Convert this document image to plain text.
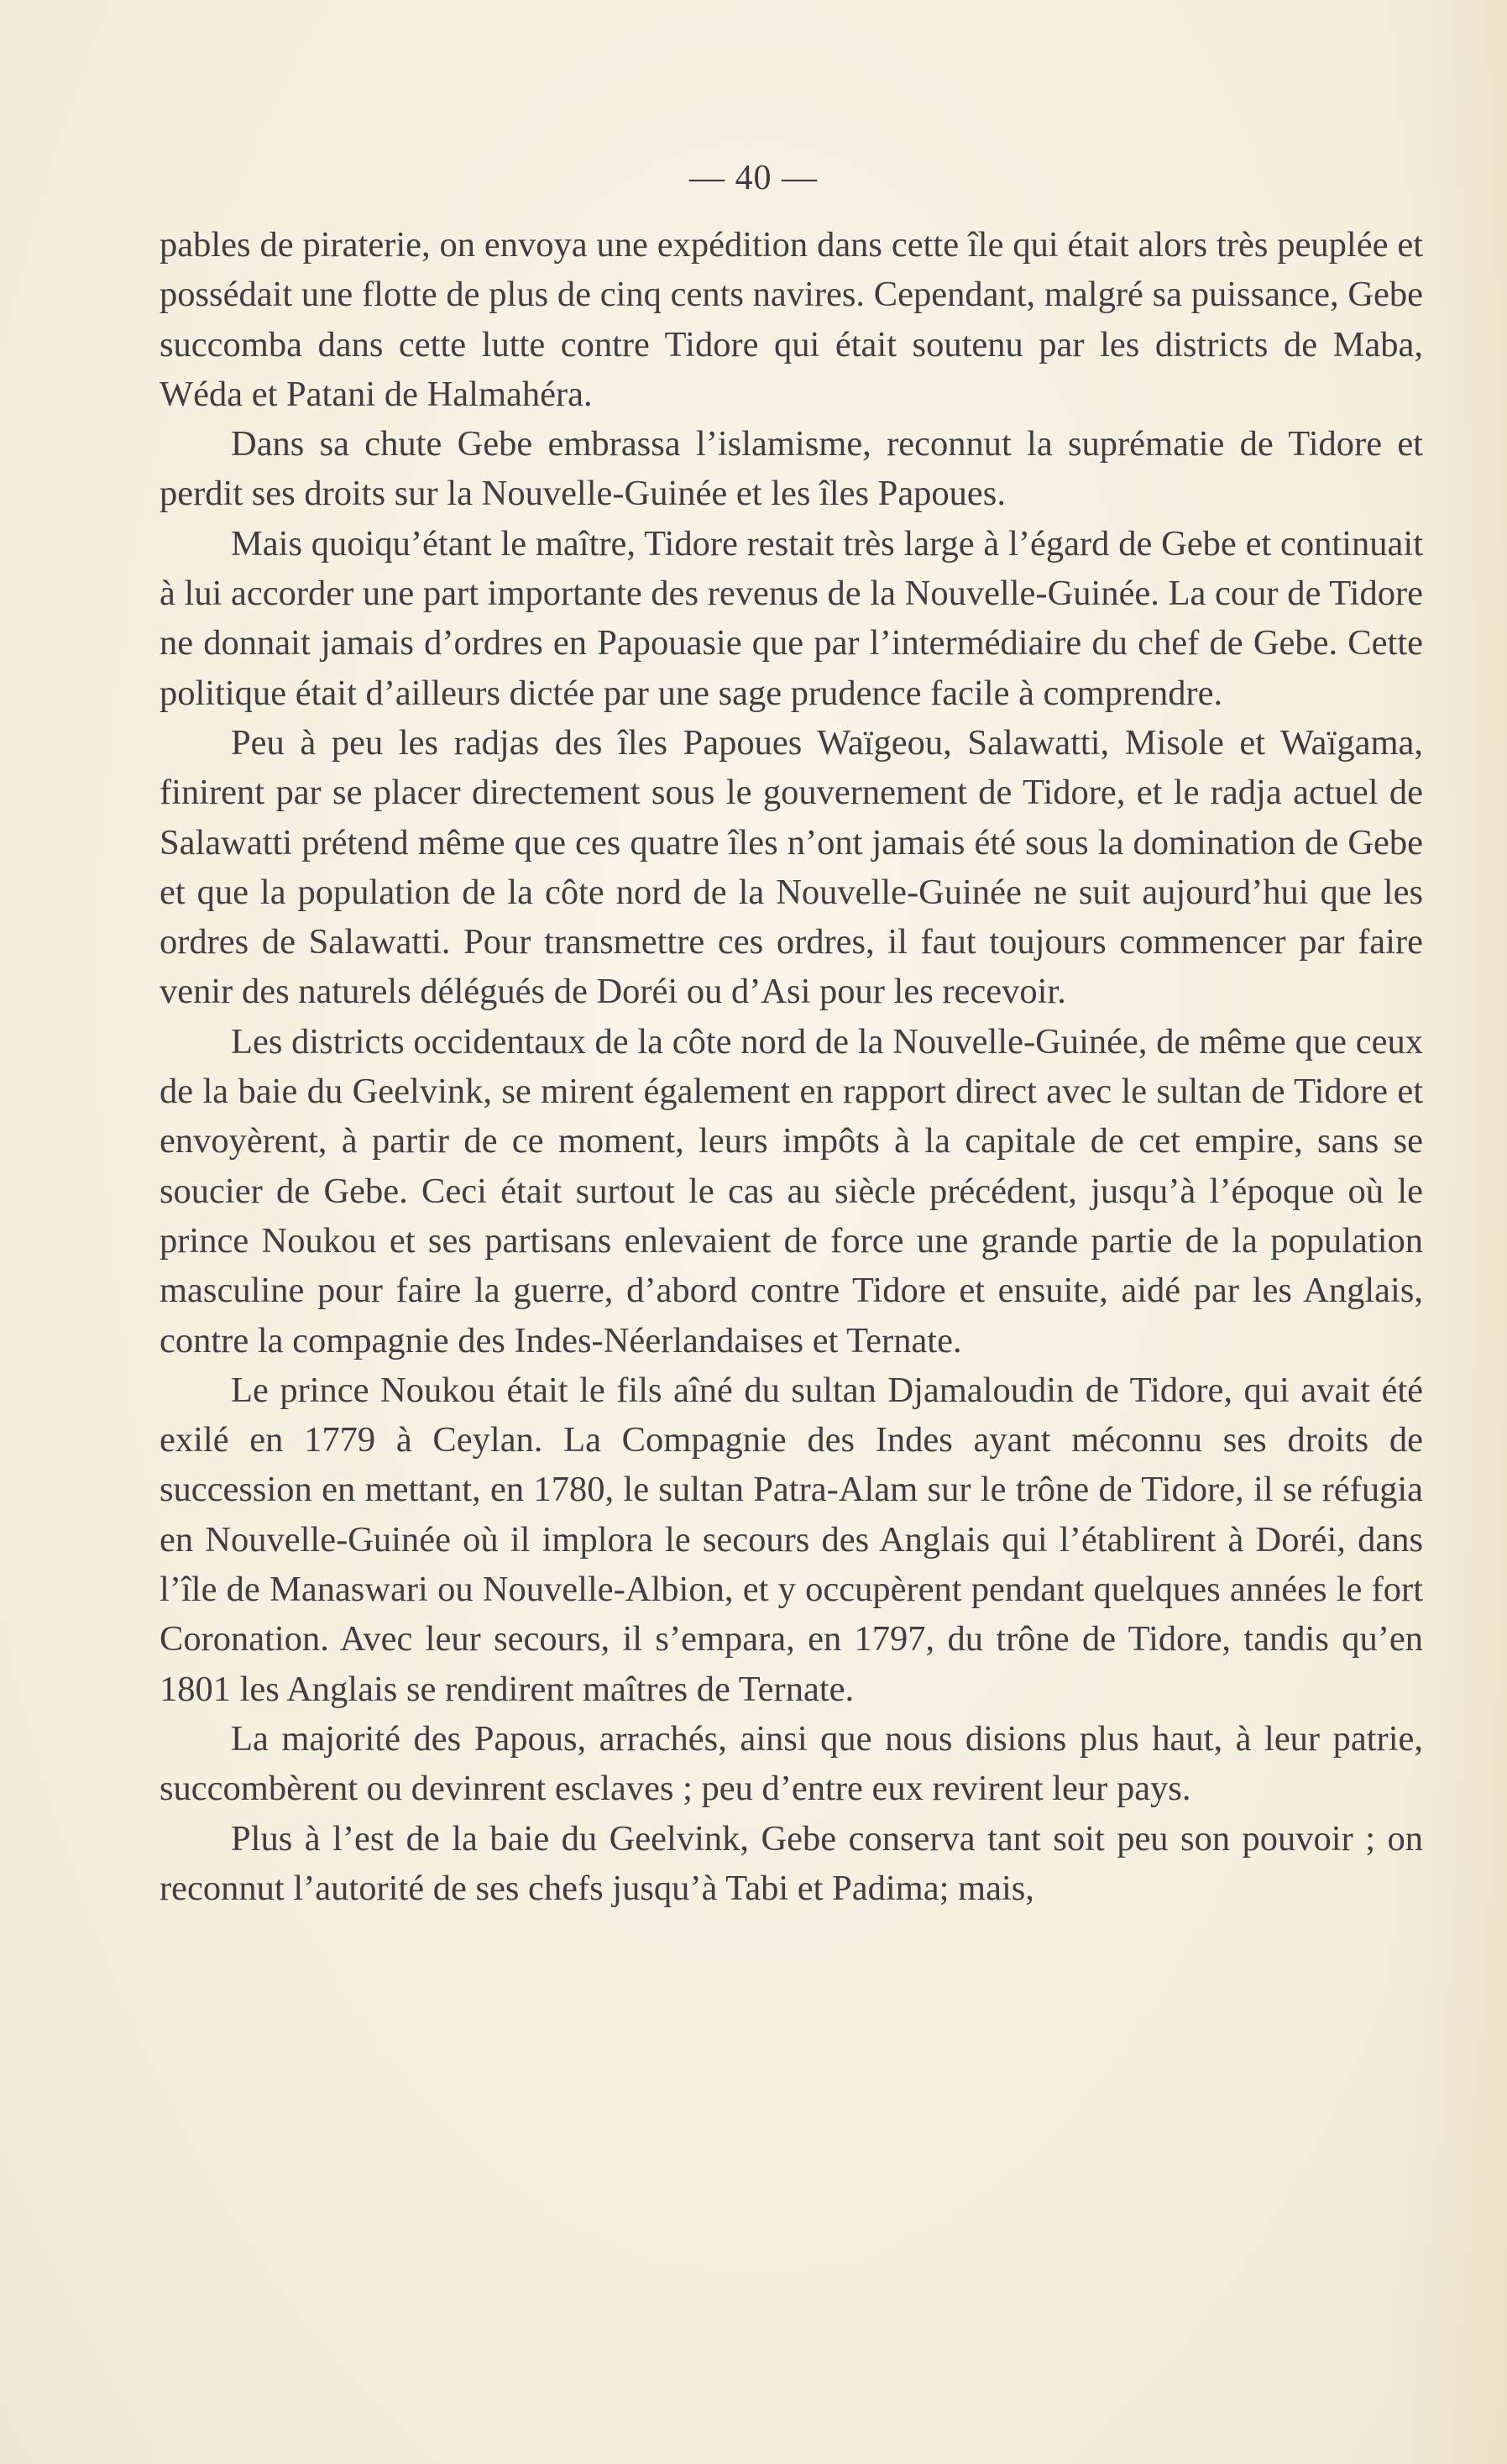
— 40 —

pables de piraterie, on envoya une expédition dans cette île qui était alors très peuplée et possédait une flotte de plus de cinq cents navires. Cependant, malgré sa puissance, Gebe succomba dans cette lutte contre Tidore qui était soutenu par les districts de Maba, Wéda et Patani de Halmahéra.

Dans sa chute Gebe embrassa l’islamisme, reconnut la suprématie de Tidore et perdit ses droits sur la Nouvelle-Guinée et les îles Papoues.

Mais quoiqu’étant le maître, Tidore restait très large à l’égard de Gebe et continuait à lui accorder une part importante des revenus de la Nouvelle-Guinée. La cour de Tidore ne donnait jamais d’ordres en Papouasie que par l’intermédiaire du chef de Gebe. Cette politique était d’ailleurs dictée par une sage prudence facile à comprendre.

Peu à peu les radjas des îles Papoues Waïgeou, Salawatti, Misole et Waïgama, finirent par se placer directement sous le gouvernement de Tidore, et le radja actuel de Salawatti prétend même que ces quatre îles n’ont jamais été sous la domination de Gebe et que la population de la côte nord de la Nouvelle-Guinée ne suit aujourd’hui que les ordres de Salawatti. Pour transmettre ces ordres, il faut toujours commencer par faire venir des naturels délégués de Doréi ou d’Asi pour les recevoir.

Les districts occidentaux de la côte nord de la Nouvelle-Guinée, de même que ceux de la baie du Geelvink, se mirent également en rapport direct avec le sultan de Tidore et envoyèrent, à partir de ce moment, leurs impôts à la capitale de cet empire, sans se soucier de Gebe. Ceci était surtout le cas au siècle précédent, jusqu’à l’époque où le prince Noukou et ses partisans enlevaient de force une grande partie de la population masculine pour faire la guerre, d’abord contre Tidore et ensuite, aidé par les Anglais, contre la compagnie des Indes-Néerlandaises et Ternate.

Le prince Noukou était le fils aîné du sultan Djamaloudin de Tidore, qui avait été exilé en 1779 à Ceylan. La Compagnie des Indes ayant méconnu ses droits de succession en mettant, en 1780, le sultan Patra-Alam sur le trône de Tidore, il se réfugia en Nouvelle-Guinée où il implora le secours des Anglais qui l’établirent à Doréi, dans l’île de Manaswari ou Nouvelle-Albion, et y occupèrent pendant quelques années le fort Coronation. Avec leur secours, il s’empara, en 1797, du trône de Tidore, tandis qu’en 1801 les Anglais se rendirent maîtres de Ternate.

La majorité des Papous, arrachés, ainsi que nous disions plus haut, à leur patrie, succombèrent ou devinrent esclaves ; peu d’entre eux revirent leur pays.

Plus à l’est de la baie du Geelvink, Gebe conserva tant soit peu son pouvoir ; on reconnut l’autorité de ses chefs jusqu’à Tabi et Padima; mais,
